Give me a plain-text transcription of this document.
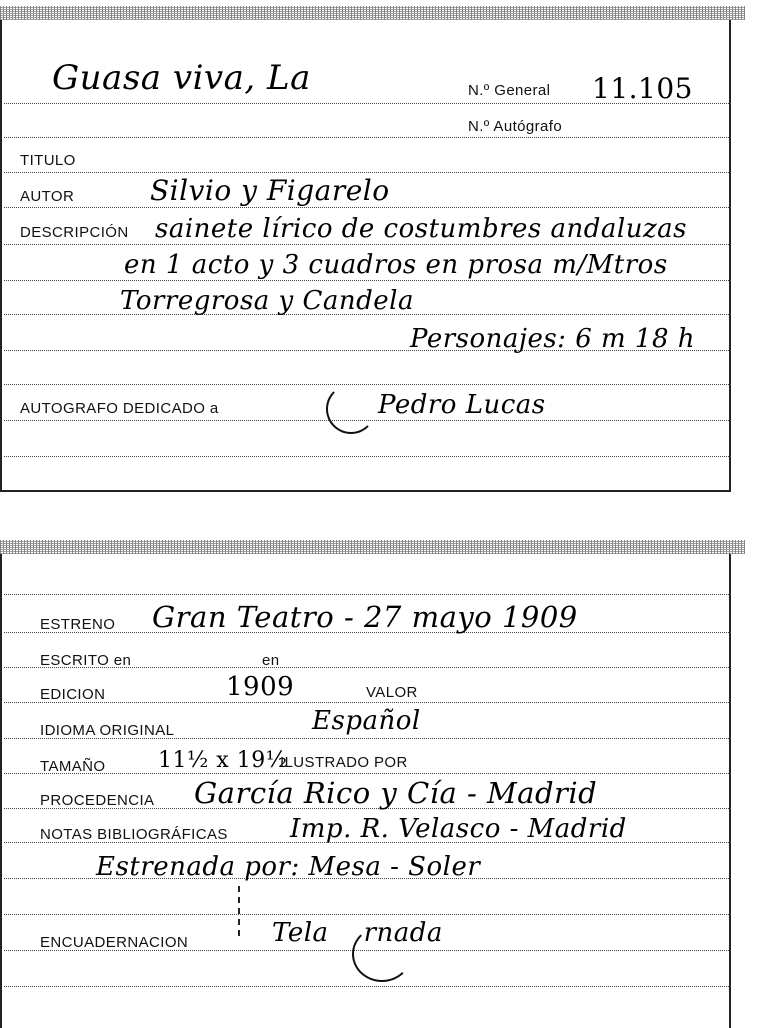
Guasa viva, La	N.º General 11.105
N.º Autógrafo
TITULO
AUTOR	Silvio y Figarelo
DESCRIPCIÓN sainete lírico de costumbres andaluzas
en 1 acto y 3 cuadros en prosa m/Mtros
Torregrosa y Candela
Personajes: 6 m 18 h
AUTOGRAFO DEDICADO a	Pedro Lucas
ESTRENO Gran Teatro - 27 mayo 1909
ESCRITO en	en
EDICION	1909	VALOR
IDIOMA ORIGINAL	Español
TAMAÑO 11½ x 19½
ILUSTRADO POR
PROCEDENCIA García Rico y Cía - Madrid
NOTAS BIBLIOGRÁFICAS Imp. R. Velasco - Madrid
Estrenada por: Mesa - Soler
ENCUADERNACION	Tela    rnada
